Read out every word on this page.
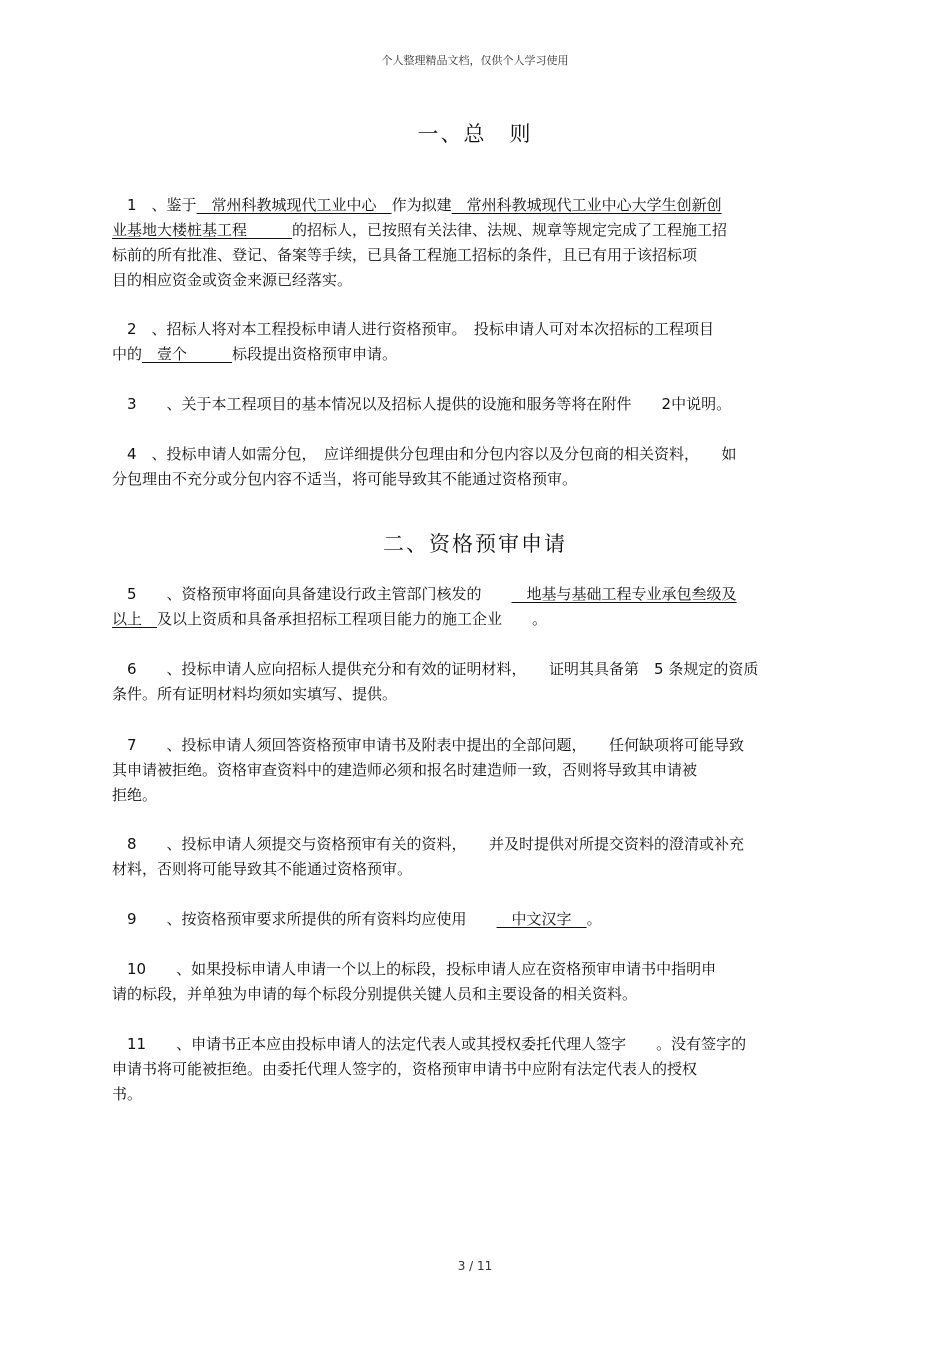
个人整理精品文档，仅供个人学习使用
一、总　则
　1　、鉴于　常州科教城现代工业中心　作为拟建　常州科教城现代工业中心大学生创新创
业基地大楼桩基工程　　　的招标人，已按照有关法律、法规、规章等规定完成了工程施工招
标前的所有批准、登记、备案等手续，已具备工程施工招标的条件，且已有用于该招标项
目的相应资金或资金来源已经落实。
　2　、招标人将对本工程投标申请人进行资格预审。　投标申请人可对本次招标的工程项目
中的　壹个　　　标段提出资格预审申请。
　3　　、关于本工程项目的基本情况以及招标人提供的设施和服务等将在附件　　2中说明。
　4　、投标申请人如需分包，　应详细提供分包理由和分包内容以及分包商的相关资料，　　如
分包理由不充分或分包内容不适当，将可能导致其不能通过资格预审。
二、资格预审申请
　5　　、资格预审将面向具备建设行政主管部门核发的　　　地基与基础工程专业承包叁级及
以上　及以上资质和具备承担招标工程项目能力的施工企业　　。
　6　　、投标申请人应向招标人提供充分和有效的证明材料，　　证明其具备第　5 条规定的资质
条件。所有证明材料均须如实填写、提供。
　7　　、投标申请人须回答资格预审申请书及附表中提出的全部问题，　　任何缺项将可能导致
其申请被拒绝。资格审查资料中的建造师必须和报名时建造师一致，否则将导致其申请被
拒绝。
　8　　、投标申请人须提交与资格预审有关的资料，　　并及时提供对所提交资料的澄清或补充
材料，否则将可能导致其不能通过资格预审。
　9　　、按资格预审要求所提供的所有资料均应使用　　　中文汉字　。
　10　　、如果投标申请人申请一个以上的标段，投标申请人应在资格预审申请书中指明申
请的标段，并单独为申请的每个标段分别提供关键人员和主要设备的相关资料。
　11　　、申请书正本应由投标申请人的法定代表人或其授权委托代理人签字　　。没有签字的
申请书将可能被拒绝。由委托代理人签字的，资格预审申请书中应附有法定代表人的授权
书。
3 / 11
